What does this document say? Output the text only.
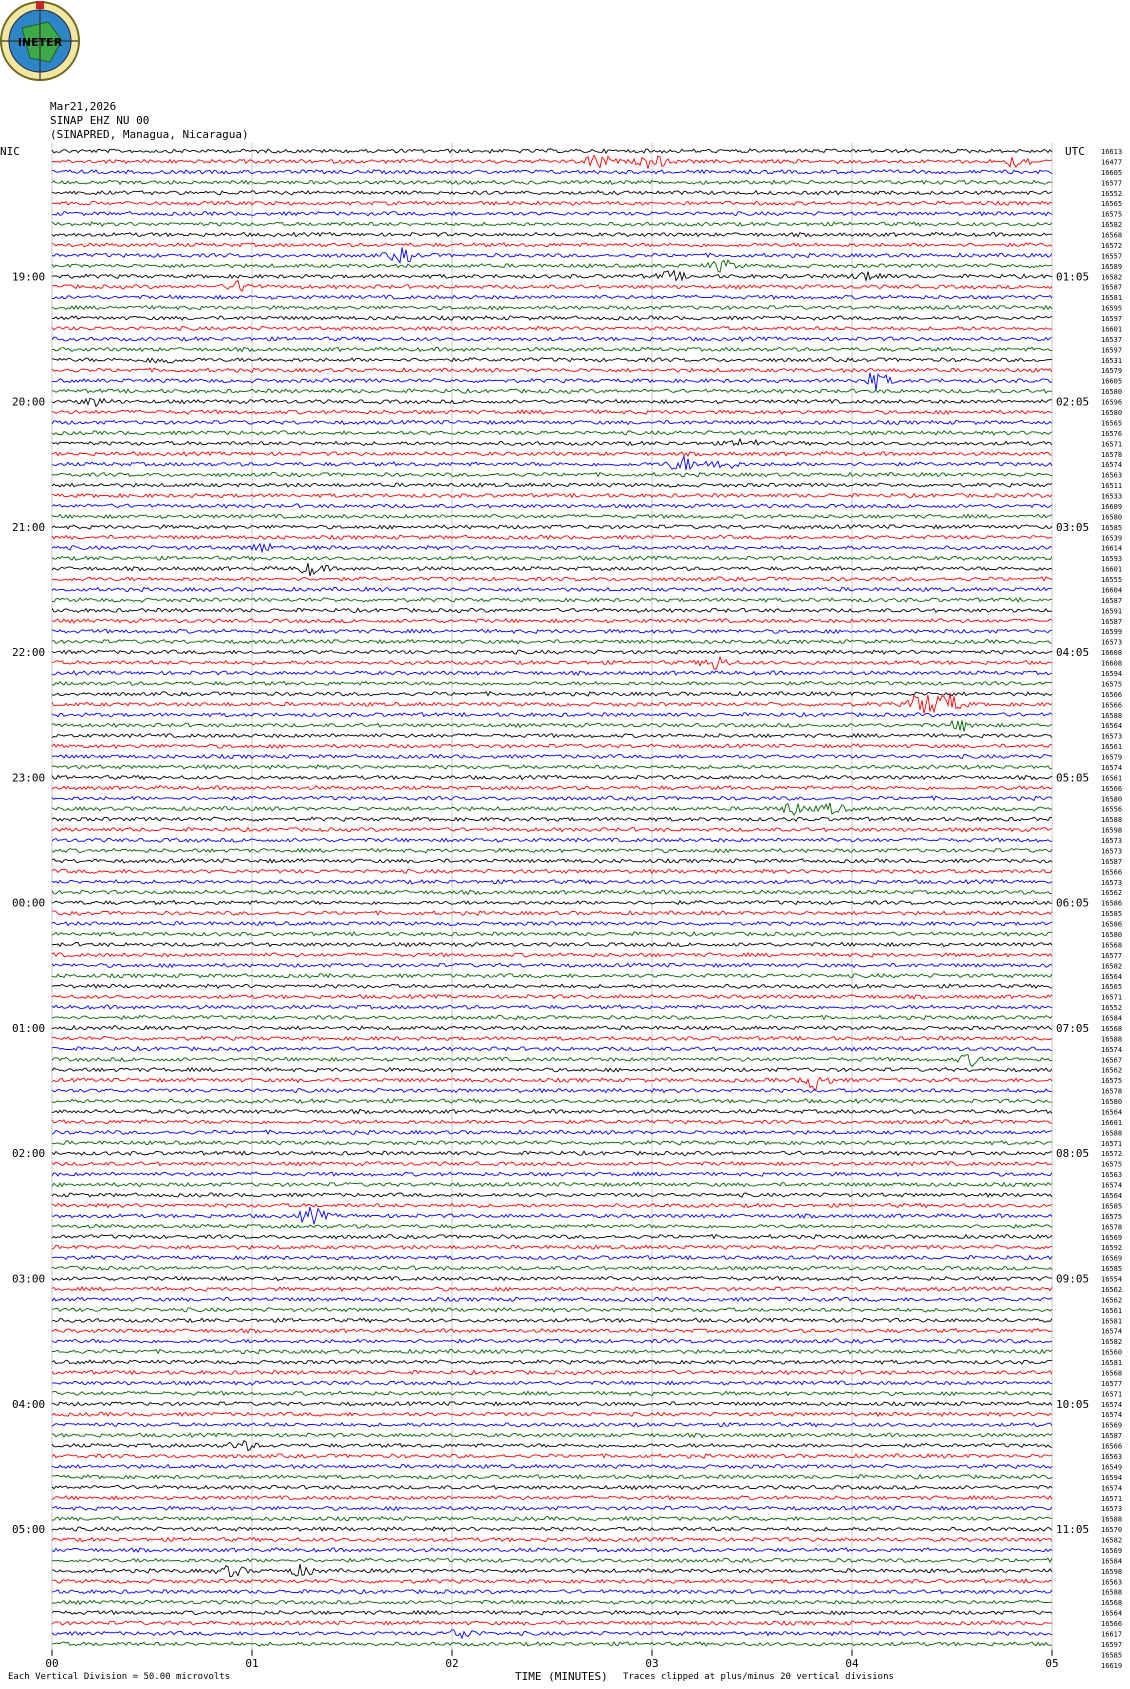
19:00
20:00
21:00
22:00
23:00
00:00
01:00
02:00
03:00
04:00
05:00
01:05
02:05
03:05
04:05
05:05
06:05
07:05
08:05
09:05
10:05
11:05
16613
16477
16605
16577
16552
16565
16575
16582
16568
16572
16557
16589
16582
16587
16581
16595
16597
16601
16537
16597
16531
16579
16605
16580
16596
16580
16565
16576
16571
16578
16574
16563
16511
16533
16609
16580
16585
16539
16614
16593
16601
16555
16604
16587
16591
16587
16599
16573
16608
16608
16594
16575
16566
16566
16588
16564
16573
16561
16579
16574
16561
16566
16580
16556
16588
16598
16573
16573
16587
16566
16573
16562
16586
16585
16586
16580
16568
16577
16582
16564
16565
16571
16552
16584
16568
16588
16574
16567
16562
16575
16578
16580
16564
16601
16588
16571
16572
16575
16563
16574
16564
16585
16575
16578
16569
16592
16569
16585
16554
16562
16562
16561
16581
16574
16582
16560
16581
16568
16577
16571
16574
16574
16569
16587
16566
16563
16549
16594
16574
16571
16573
16588
16570
16582
16569
16584
16598
16563
16588
16568
16564
16566
16617
16597
16585
16619
00	01	02	03	04	05
NIC	UTC
TIME (MINUTES)
INETER
Mar21,2026
SINAP EHZ NU 00
(SINAPRED, Managua, Nicaragua)
Each Vertical Division = 50.00 microvolts	Traces clipped at plus/minus 20 vertical divisions
